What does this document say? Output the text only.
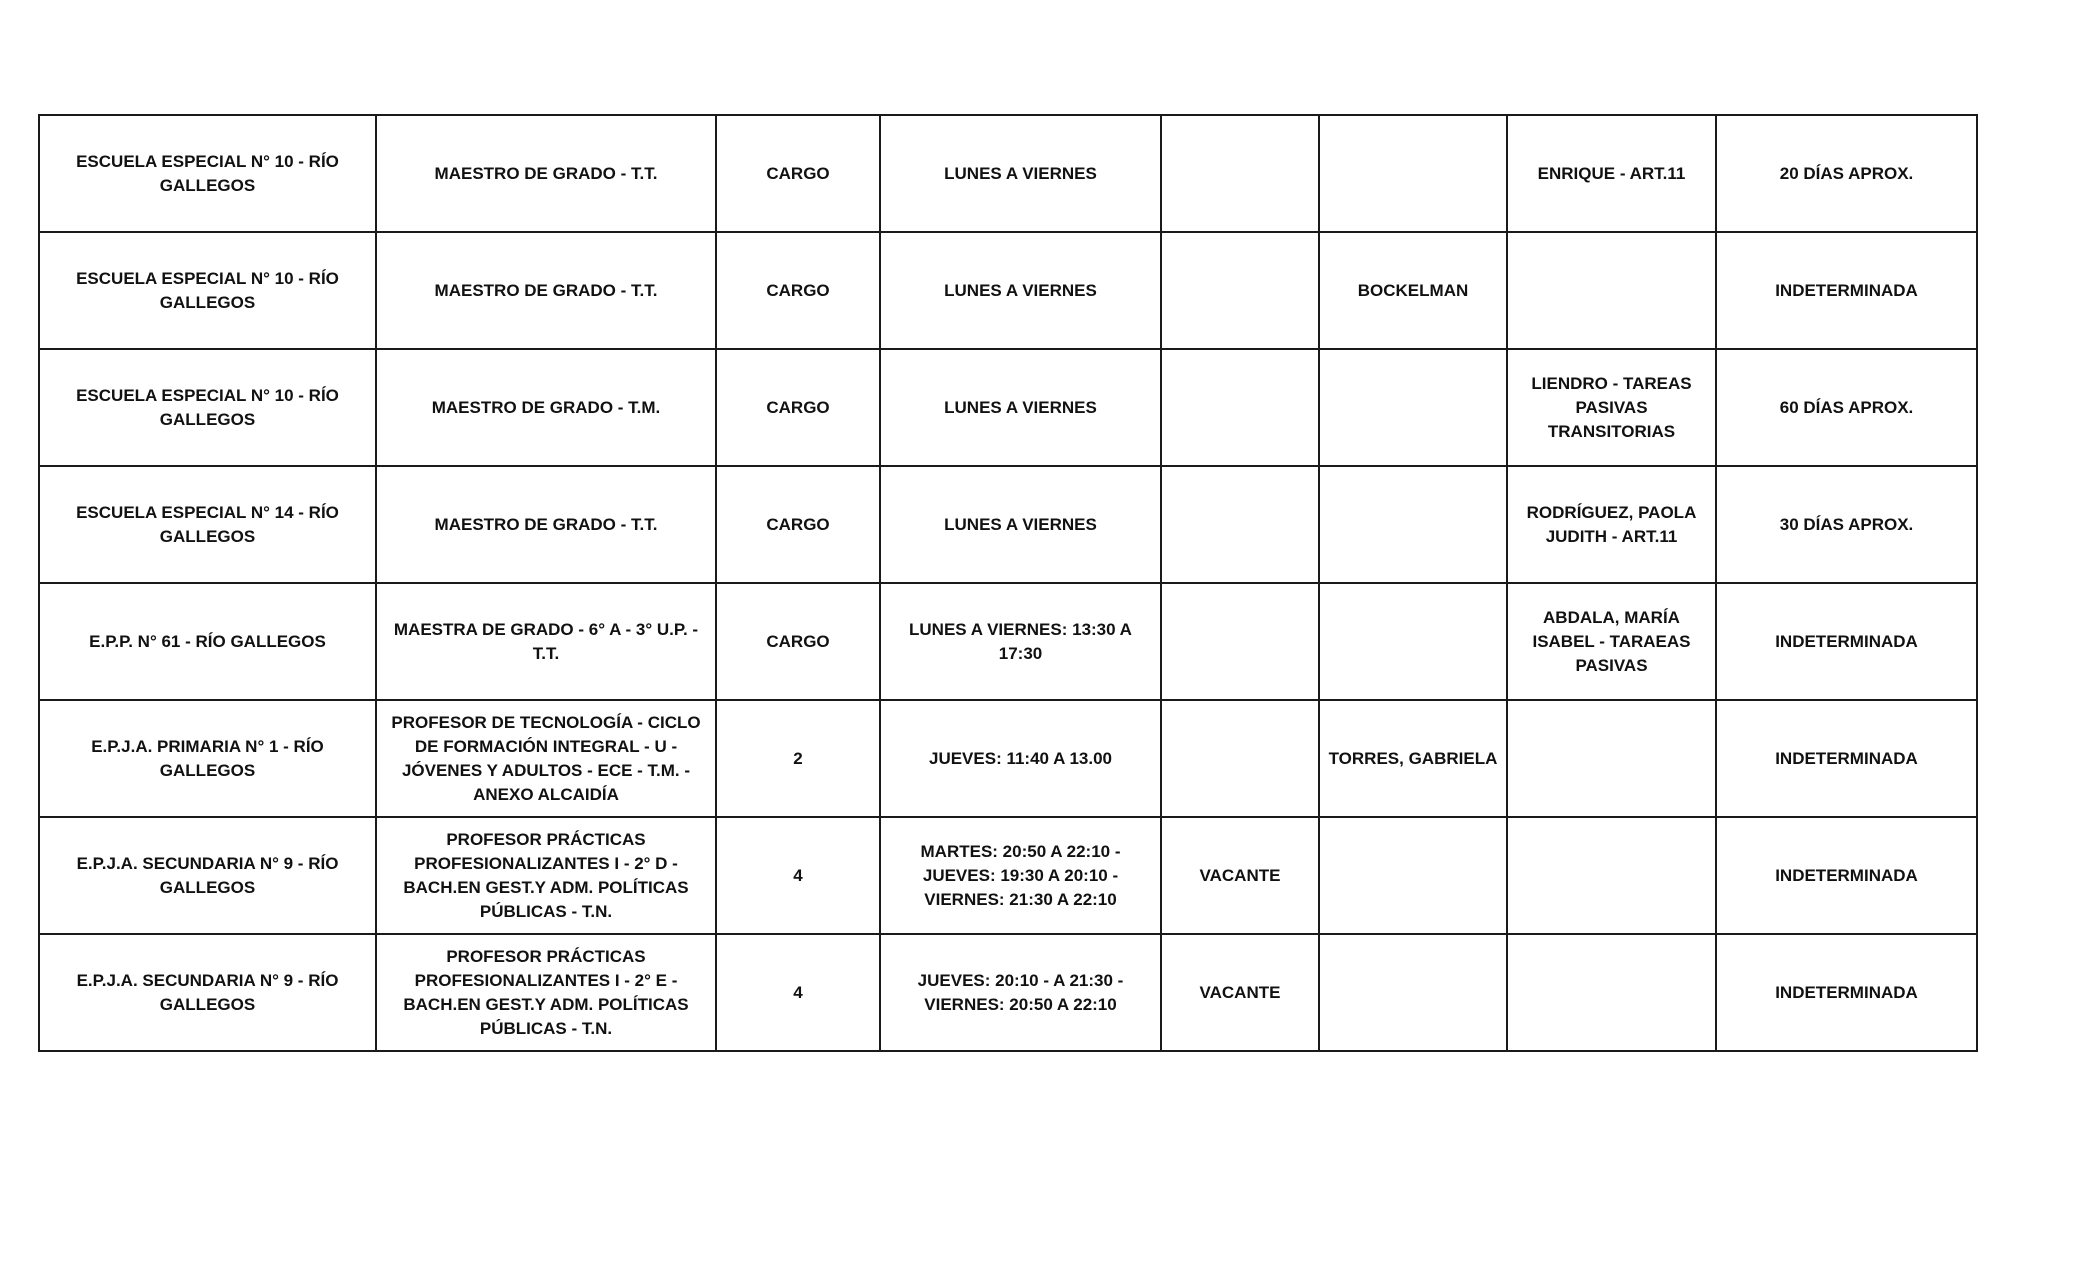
ESCUELA ESPECIAL N° 10 - RÍO GALLEGOS	MAESTRO DE GRADO - T.T.	CARGO	LUNES A VIERNES			ENRIQUE - ART.11	20 DÍAS APROX.
ESCUELA ESPECIAL N° 10 - RÍO GALLEGOS	MAESTRO DE GRADO - T.T.	CARGO	LUNES A VIERNES		BOCKELMAN		INDETERMINADA
ESCUELA ESPECIAL N° 10 - RÍO GALLEGOS	MAESTRO DE GRADO - T.M.	CARGO	LUNES A VIERNES			LIENDRO - TAREAS PASIVAS TRANSITORIAS	60 DÍAS APROX.
ESCUELA ESPECIAL N° 14 - RÍO GALLEGOS	MAESTRO DE GRADO - T.T.	CARGO	LUNES A VIERNES			RODRÍGUEZ, PAOLA JUDITH - ART.11	30 DÍAS APROX.
E.P.P. N° 61 - RÍO GALLEGOS	MAESTRA DE GRADO - 6° A - 3° U.P. - T.T.	CARGO	LUNES A VIERNES: 13:30 A 17:30			ABDALA, MARÍA ISABEL - TARAEAS PASIVAS	INDETERMINADA
E.P.J.A. PRIMARIA N° 1 - RÍO GALLEGOS	PROFESOR DE TECNOLOGÍA - CICLO DE FORMACIÓN INTEGRAL - U - JÓVENES Y ADULTOS - ECE - T.M. - ANEXO ALCAIDÍA	2	JUEVES: 11:40 A 13.00		TORRES, GABRIELA		INDETERMINADA
E.P.J.A. SECUNDARIA N° 9 - RÍO GALLEGOS	PROFESOR PRÁCTICAS PROFESIONALIZANTES I - 2° D - BACH.EN GEST.Y ADM. POLÍTICAS PÚBLICAS - T.N.	4	MARTES: 20:50 A 22:10 - JUEVES: 19:30 A 20:10 - VIERNES: 21:30 A 22:10	VACANTE			INDETERMINADA
E.P.J.A. SECUNDARIA N° 9 - RÍO GALLEGOS	PROFESOR PRÁCTICAS PROFESIONALIZANTES I - 2° E - BACH.EN GEST.Y ADM. POLÍTICAS PÚBLICAS - T.N.	4	JUEVES: 20:10 - A 21:30 - VIERNES: 20:50 A 22:10	VACANTE			INDETERMINADA
